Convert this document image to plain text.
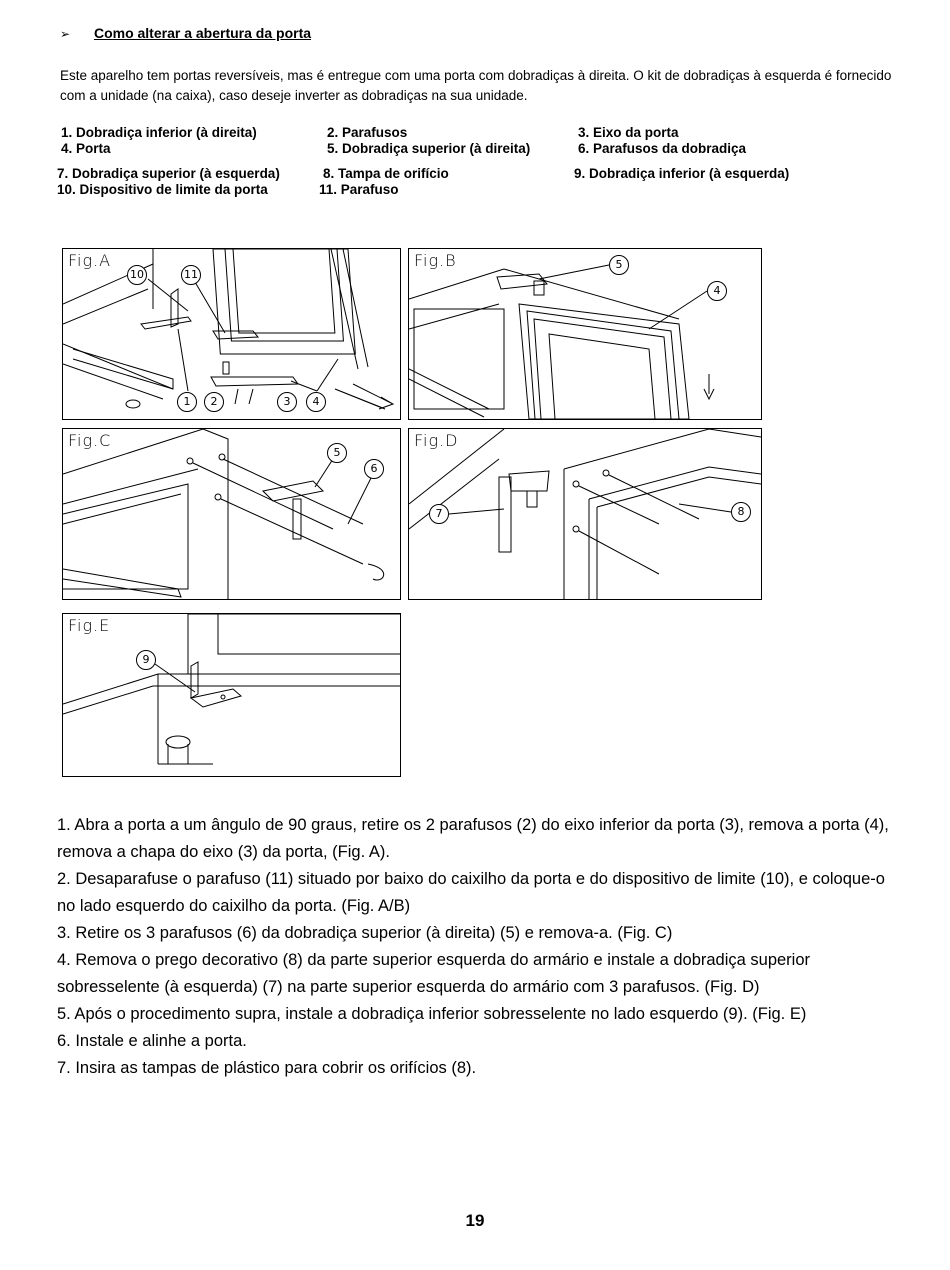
➢ Como alterar a abertura da porta
Este aparelho tem portas reversíveis, mas é entregue com uma porta com dobradiças à direita. O kit de dobradiças à esquerda é fornecido com a unidade (na caixa), caso deseje inverter as dobradiças na sua unidade.
1. Dobradiça inferior (à direita)	2. Parafusos	3. Eixo da porta
4. Porta	5. Dobradiça superior (à direita)	6. Parafusos da dobradiça
7. Dobradiça superior (à esquerda)	8. Tampa de orifício	9. Dobradiça inferior (à esquerda)
10. Dispositivo de limite da porta	11. Parafuso
Fig.A
10	11
1	2	3	4
Fig.B	5
4
Fig.C
5
6
Fig.D
7	8
Fig.E
9

1. Abra a porta a um ângulo de 90 graus, retire os 2 parafusos (2) do eixo inferior da porta (3), remova a porta (4), remova a chapa do eixo (3) da porta, (Fig. A).

2. Desaparafuse o parafuso (11) situado por baixo do caixilho da porta e do dispositivo de limite (10), e coloque-o no lado esquerdo do caixilho da porta. (Fig. A/B)

3. Retire os 3 parafusos (6) da dobradiça superior (à direita) (5) e remova-a. (Fig. C)

4. Remova o prego decorativo (8) da parte superior esquerda do armário e instale a dobradiça superior sobresselente (à esquerda) (7) na parte superior esquerda do armário com 3 parafusos. (Fig. D)

5. Após o procedimento supra, instale a dobradiça inferior sobresselente no lado esquerdo (9). (Fig. E)

6. Instale e alinhe a porta.

7. Insira as tampas de plástico para cobrir os orifícios (8).

19
